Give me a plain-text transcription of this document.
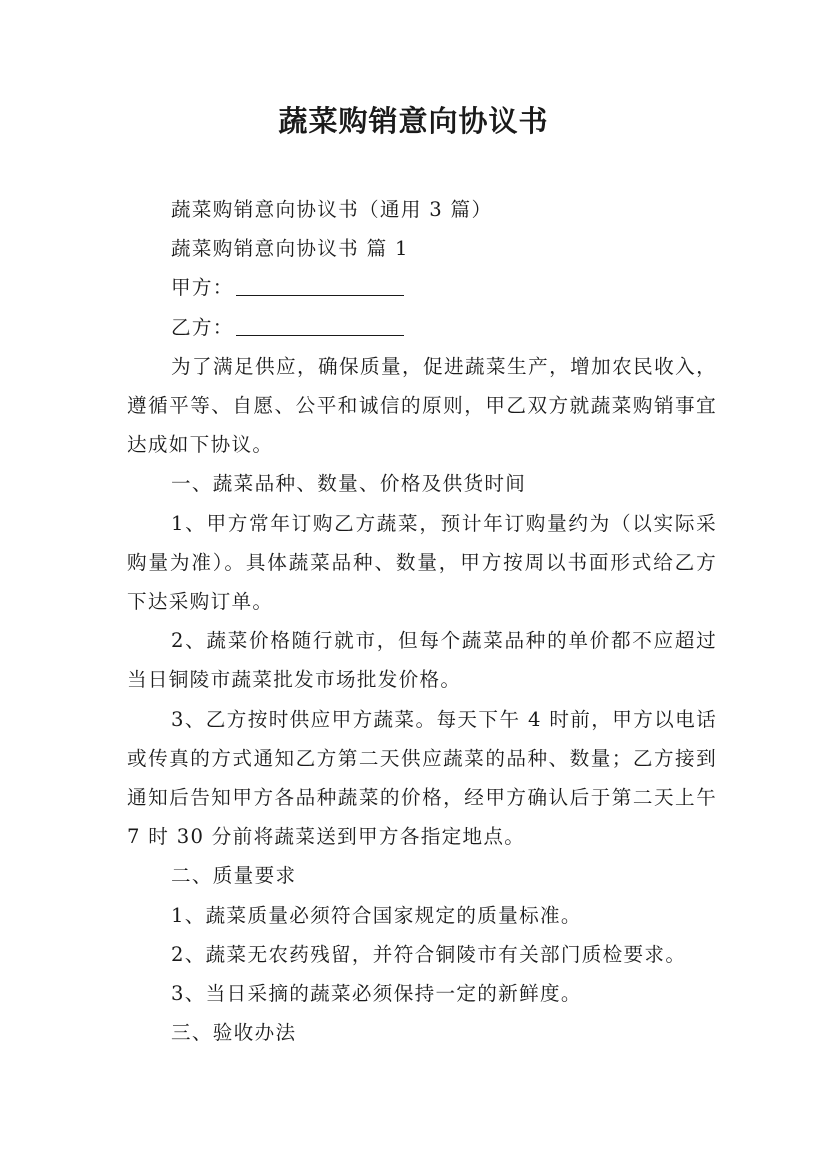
蔬菜购销意向协议书

蔬菜购销意向协议书（通用 3 篇）

蔬菜购销意向协议书 篇 1

甲方：

乙方：

为了满足供应，确保质量，促进蔬菜生产，增加农民收入，遵循平等、自愿、公平和诚信的原则，甲乙双方就蔬菜购销事宜达成如下协议。

一、蔬菜品种、数量、价格及供货时间

1、甲方常年订购乙方蔬菜，预计年订购量约为（以实际采购量为准）。具体蔬菜品种、数量，甲方按周以书面形式给乙方下达采购订单。

2、蔬菜价格随行就市，但每个蔬菜品种的单价都不应超过当日铜陵市蔬菜批发市场批发价格。

3、乙方按时供应甲方蔬菜。每天下午 4 时前，甲方以电话或传真的方式通知乙方第二天供应蔬菜的品种、数量；乙方接到通知后告知甲方各品种蔬菜的价格，经甲方确认后于第二天上午 7 时 30 分前将蔬菜送到甲方各指定地点。

二、质量要求

1、蔬菜质量必须符合国家规定的质量标准。

2、蔬菜无农药残留，并符合铜陵市有关部门质检要求。

3、当日采摘的蔬菜必须保持一定的新鲜度。

三、验收办法
